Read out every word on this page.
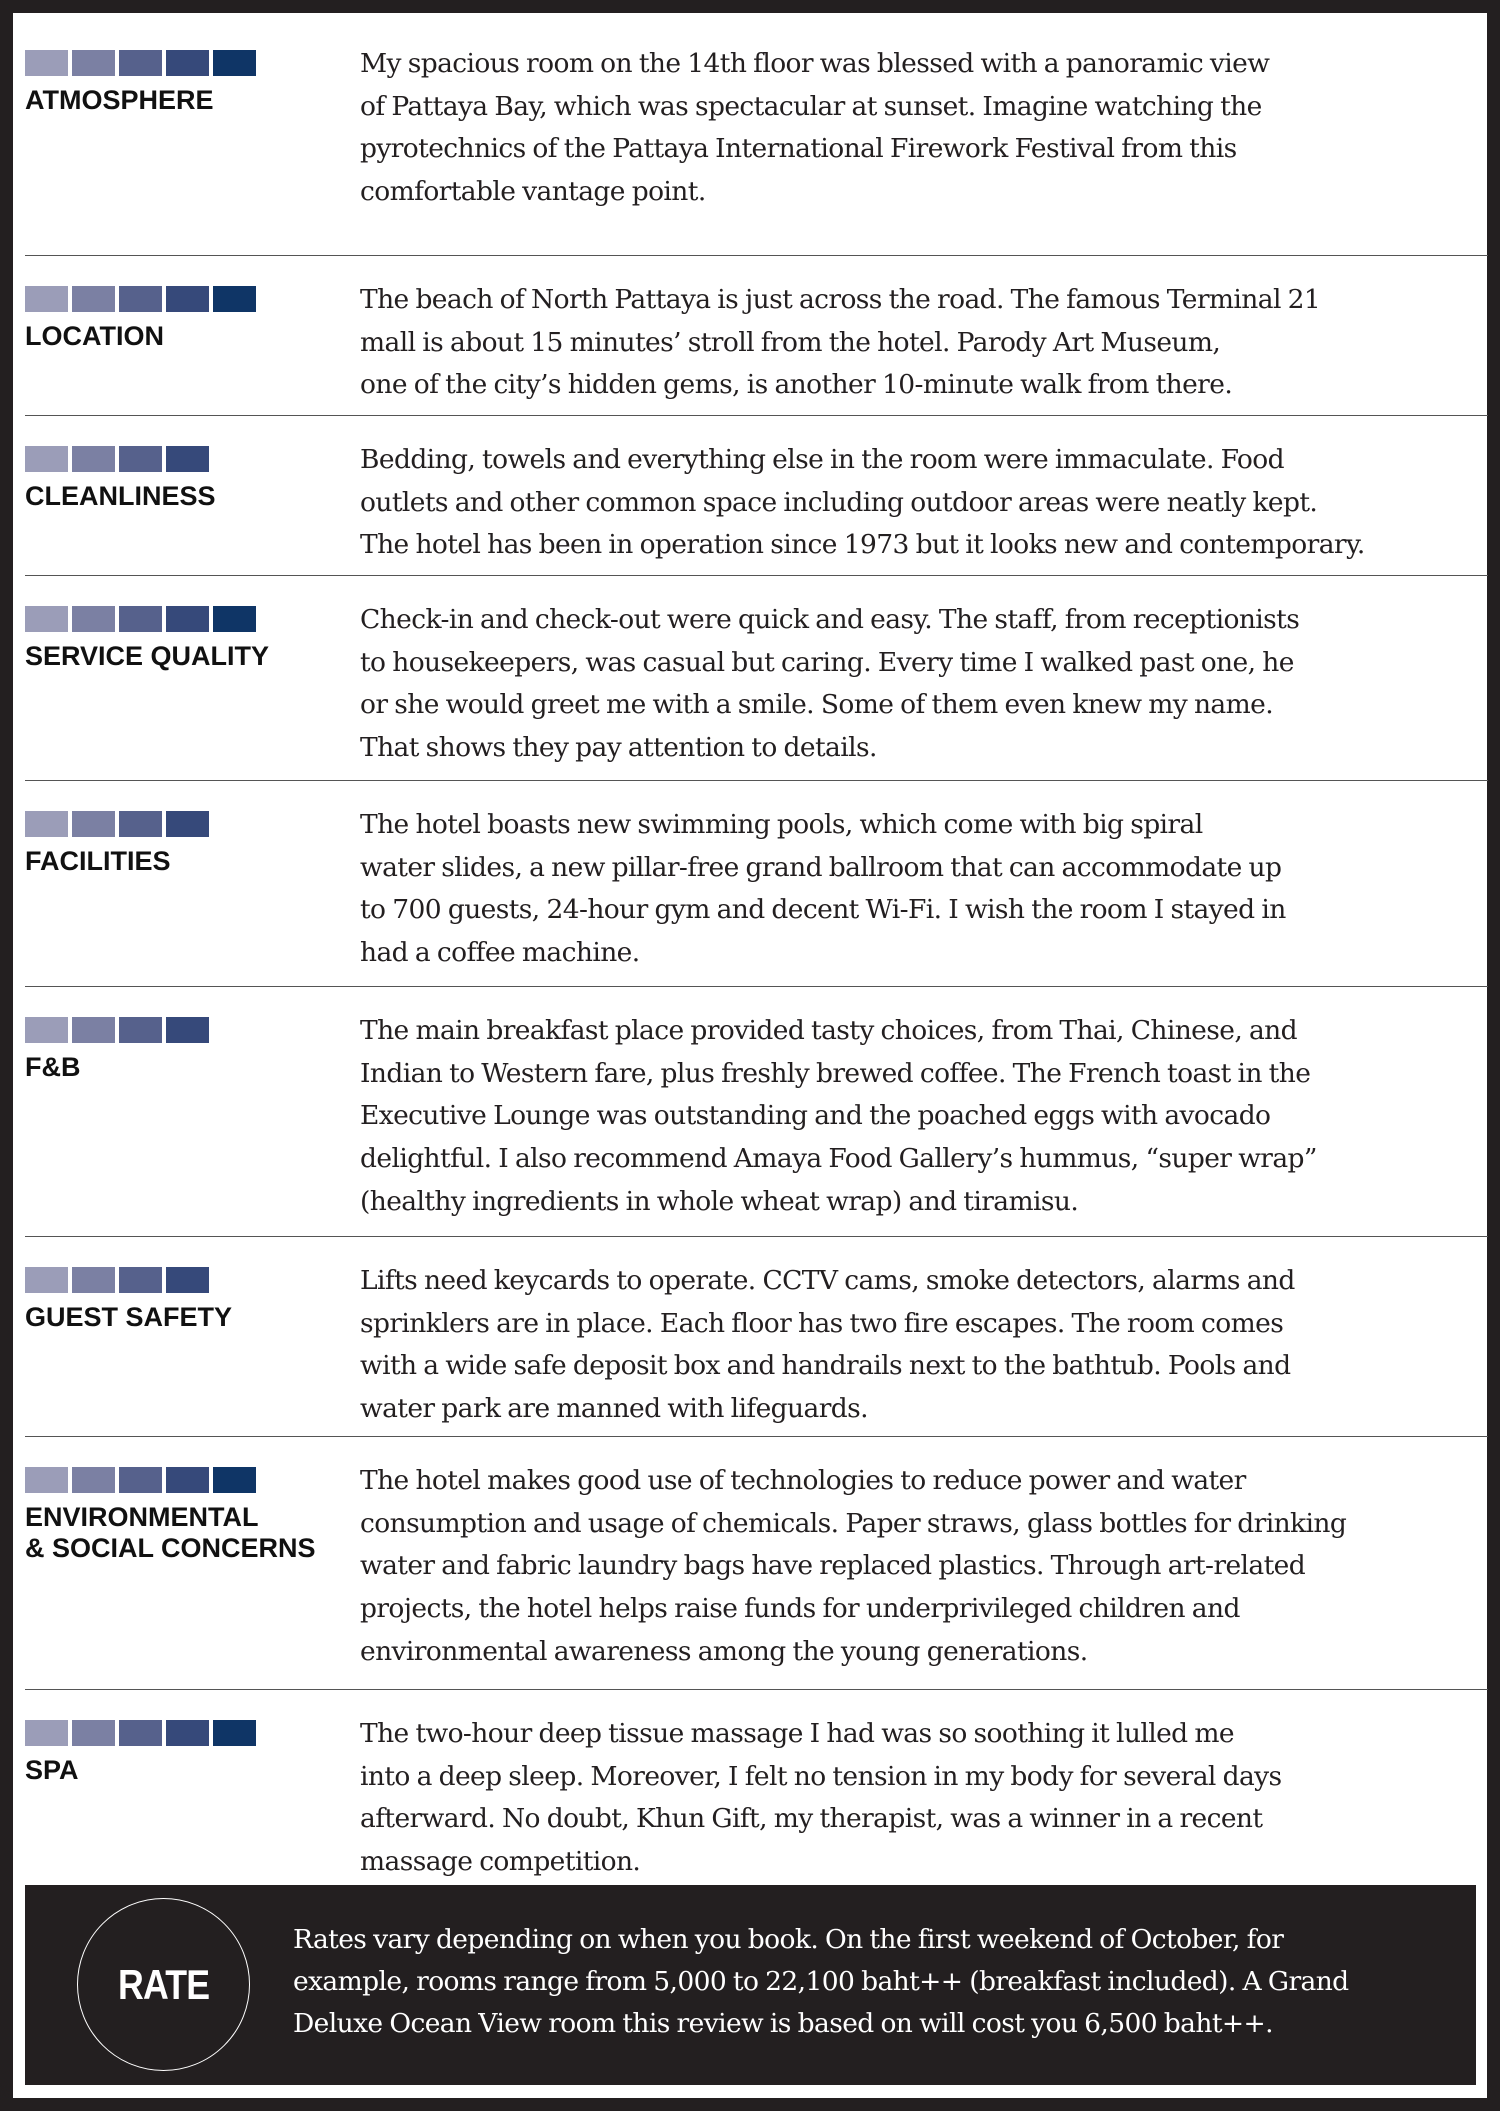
ATMOSPHERE
My spacious room on the 14th floor was blessed with a panoramic view
of Pattaya Bay, which was spectacular at sunset. Imagine watching the
pyrotechnics of the Pattaya International Firework Festival from this
comfortable vantage point.
LOCATION
The beach of North Pattaya is just across the road. The famous Terminal 21
mall is about 15 minutes’ stroll from the hotel. Parody Art Museum,
one of the city’s hidden gems, is another 10-minute walk from there.
CLEANLINESS
Bedding, towels and everything else in the room were immaculate. Food
outlets and other common space including outdoor areas were neatly kept.
The hotel has been in operation since 1973 but it looks new and contemporary.
SERVICE QUALITY
Check-in and check-out were quick and easy. The staff, from receptionists
to housekeepers, was casual but caring. Every time I walked past one, he
or she would greet me with a smile. Some of them even knew my name.
That shows they pay attention to details.
FACILITIES
The hotel boasts new swimming pools, which come with big spiral
water slides, a new pillar-free grand ballroom that can accommodate up
to 700 guests, 24-hour gym and decent Wi-Fi. I wish the room I stayed in
had a coffee machine.
F&B
The main breakfast place provided tasty choices, from Thai, Chinese, and
Indian to Western fare, plus freshly brewed coffee. The French toast in the
Executive Lounge was outstanding and the poached eggs with avocado
delightful. I also recommend Amaya Food Gallery’s hummus, “super wrap”
(healthy ingredients in whole wheat wrap) and tiramisu.
GUEST SAFETY
Lifts need keycards to operate. CCTV cams, smoke detectors, alarms and
sprinklers are in place. Each floor has two fire escapes. The room comes
with a wide safe deposit box and handrails next to the bathtub. Pools and
water park are manned with lifeguards.
ENVIRONMENTAL
& SOCIAL CONCERNS
The hotel makes good use of technologies to reduce power and water
consumption and usage of chemicals. Paper straws, glass bottles for drinking
water and fabric laundry bags have replaced plastics. Through art-related
projects, the hotel helps raise funds for underprivileged children and
environmental awareness among the young generations.
SPA
The two-hour deep tissue massage I had was so soothing it lulled me
into a deep sleep. Moreover, I felt no tension in my body for several days
afterward. No doubt, Khun Gift, my therapist, was a winner in a recent
massage competition.
RATE
Rates vary depending on when you book. On the first weekend of October, for
example, rooms range from 5,000 to 22,100 baht++ (breakfast included). A Grand
Deluxe Ocean View room this review is based on will cost you 6,500 baht++.
